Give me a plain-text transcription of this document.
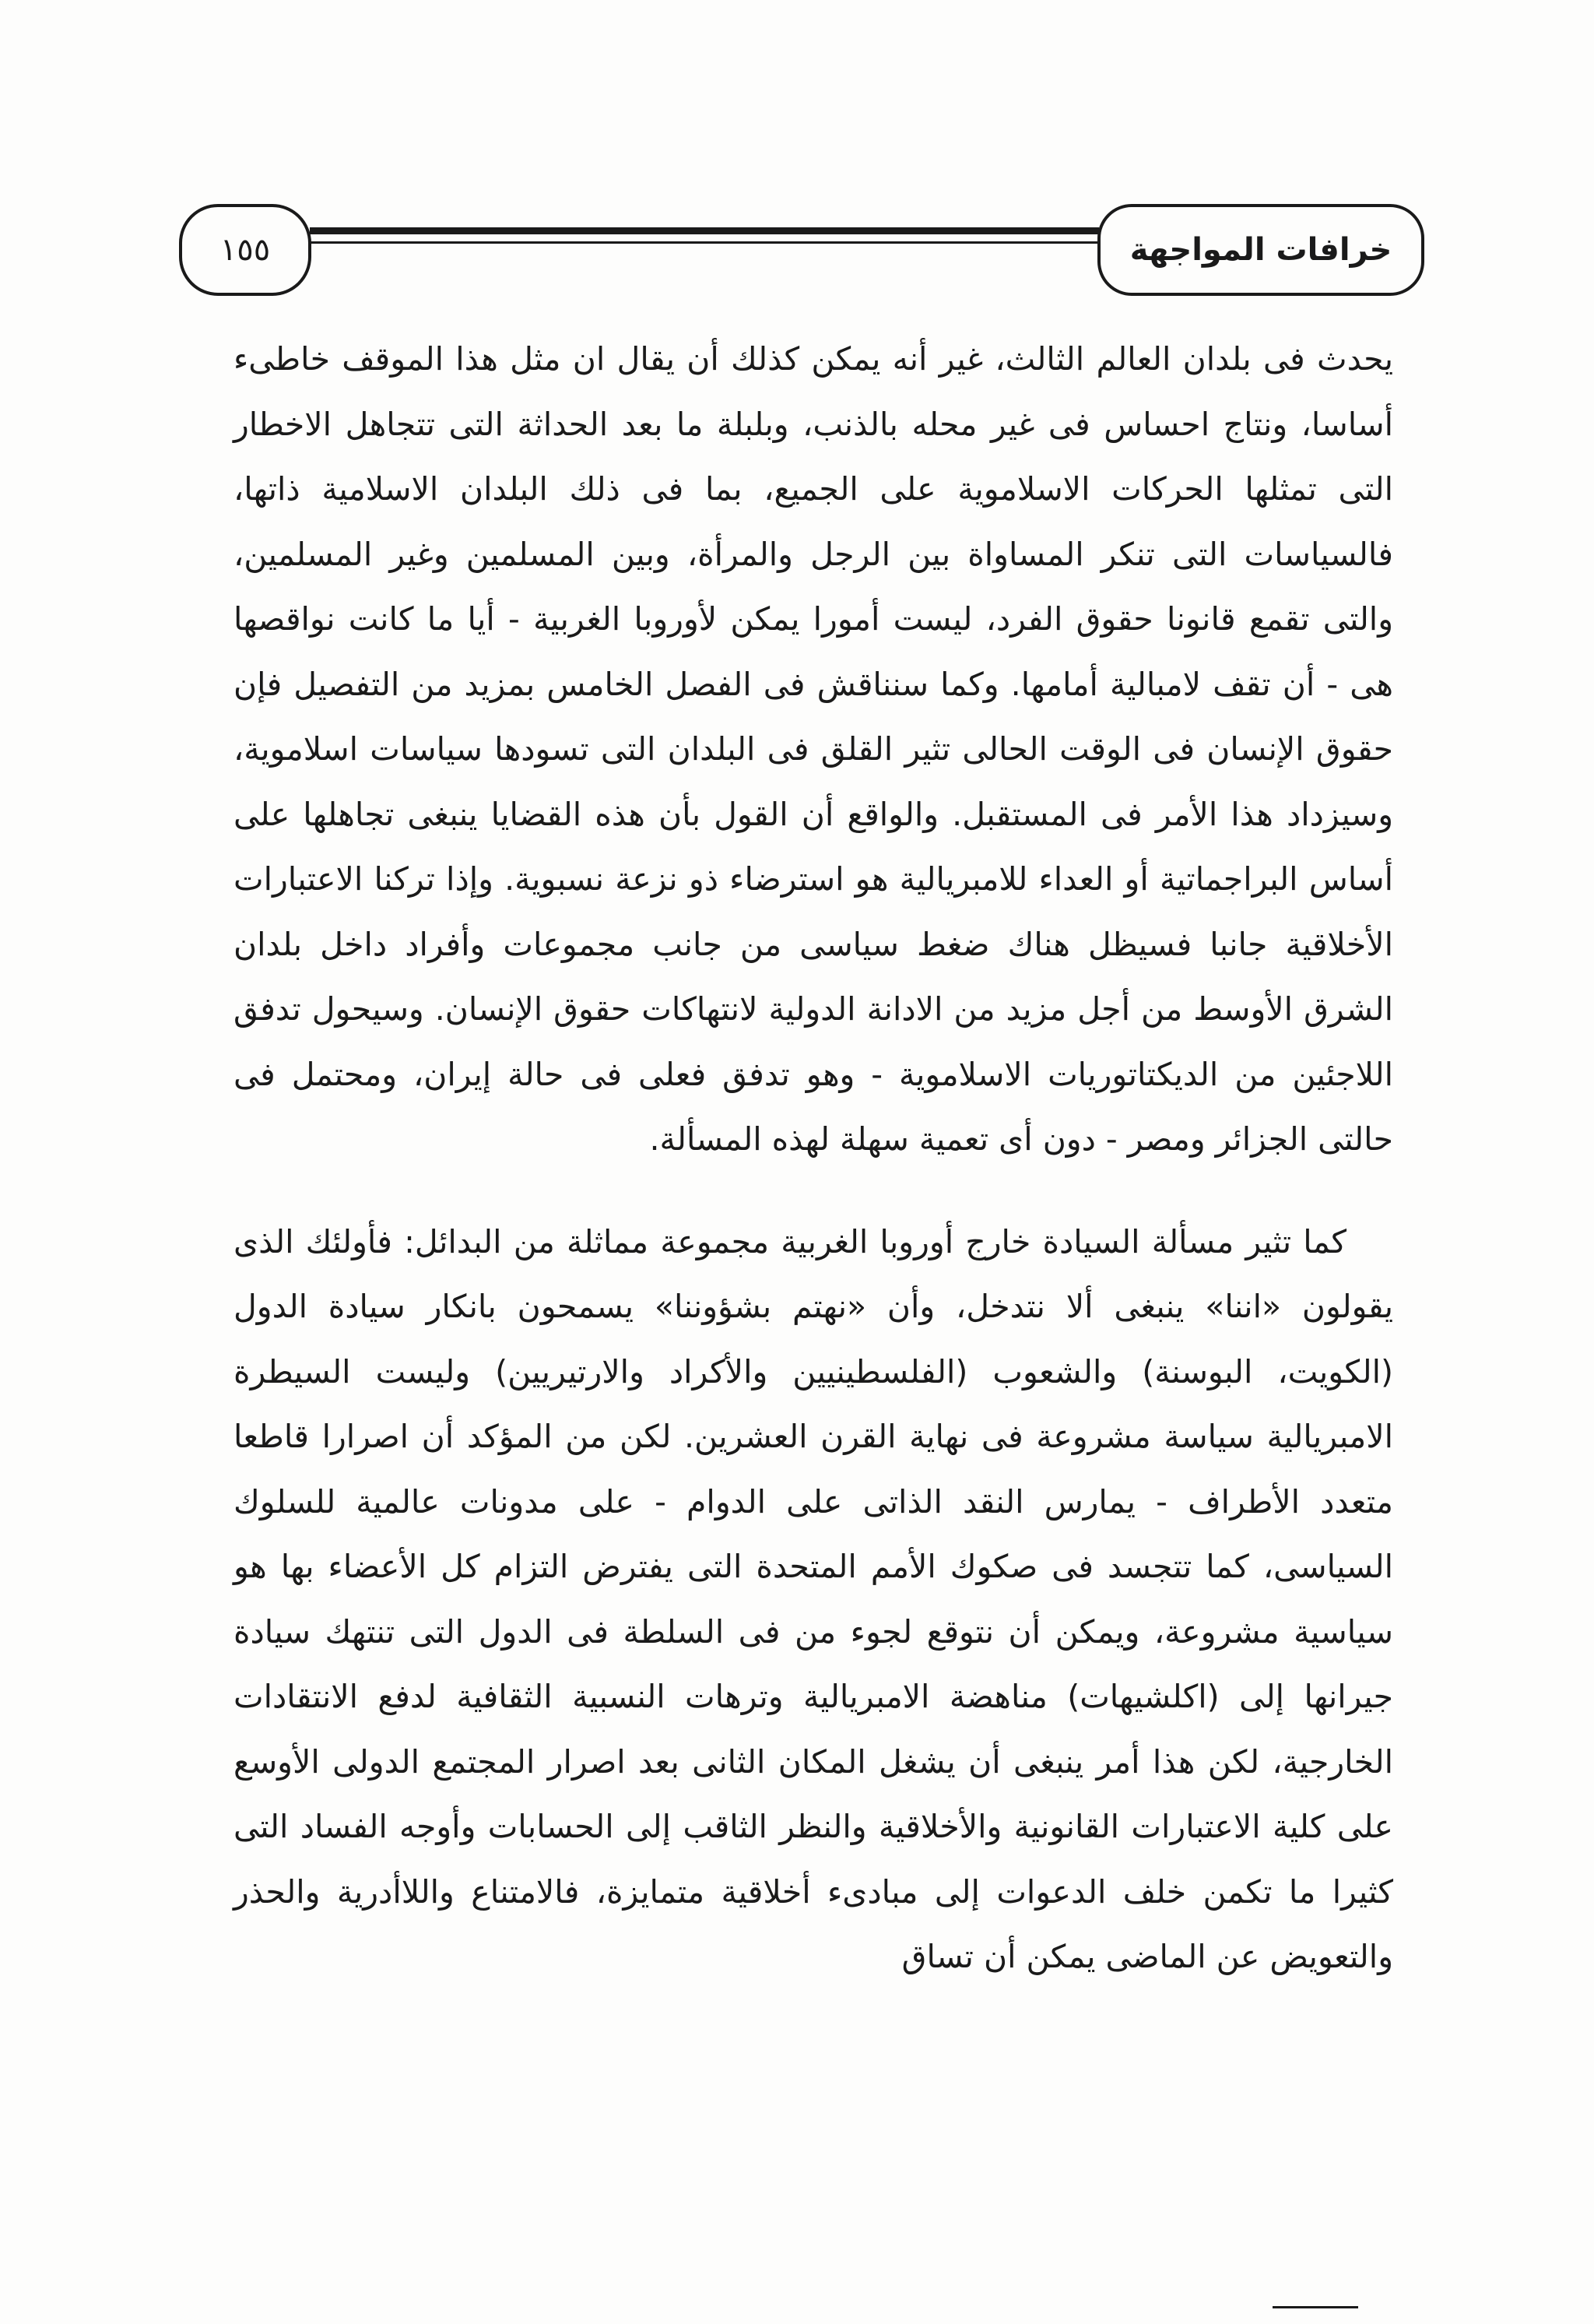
١٥٥	خرافات المواجهة

يحدث فى بلدان العالم الثالث، غير أنه يمكن كذلك أن يقال ان مثل هذا الموقف خاطىء أساسا، ونتاج احساس فى غير محله بالذنب، وبلبلة ما بعد الحداثة التى تتجاهل الاخطار التى تمثلها الحركات الاسلاموية على الجميع، بما فى ذلك البلدان الاسلامية ذاتها، فالسياسات التى تنكر المساواة بين الرجل والمرأة، وبين المسلمين وغير المسلمين، والتى تقمع قانونا حقوق الفرد، ليست أمورا يمكن لأوروبا الغربية - أيا ما كانت نواقصها هى - أن تقف لامبالية أمامها. وكما سنناقش فى الفصل الخامس بمزيد من التفصيل فإن حقوق الإنسان فى الوقت الحالى تثير القلق فى البلدان التى تسودها سياسات اسلاموية، وسيزداد هذا الأمر فى المستقبل. والواقع أن القول بأن هذه القضايا ينبغى تجاهلها على أساس البراجماتية أو العداء للامبريالية هو استرضاء ذو نزعة نسبوية. وإذا تركنا الاعتبارات الأخلاقية جانبا فسيظل هناك ضغط سياسى من جانب مجموعات وأفراد داخل بلدان الشرق الأوسط من أجل مزيد من الادانة الدولية لانتهاكات حقوق الإنسان. وسيحول تدفق اللاجئين من الديكتاتوريات الاسلاموية - وهو تدفق فعلى فى حالة إيران، ومحتمل فى حالتى الجزائر ومصر - دون أى تعمية سهلة لهذه المسألة.

كما تثير مسألة السيادة خارج أوروبا الغربية مجموعة مماثلة من البدائل: فأولئك الذى يقولون «اننا» ينبغى ألا نتدخل، وأن «نهتم بشؤوننا» يسمحون بانكار سيادة الدول (الكويت، البوسنة) والشعوب (الفلسطينيين والأكراد والارتيريين) وليست السيطرة الامبريالية سياسة مشروعة فى نهاية القرن العشرين. لكن من المؤكد أن اصرارا قاطعا متعدد الأطراف - يمارس النقد الذاتى على الدوام - على مدونات عالمية للسلوك السياسى، كما تتجسد فى صكوك الأمم المتحدة التى يفترض التزام كل الأعضاء بها هو سياسية مشروعة، ويمكن أن نتوقع لجوء من فى السلطة فى الدول التى تنتهك سيادة جيرانها إلى (اكلشيهات) مناهضة الامبريالية وترهات النسبية الثقافية لدفع الانتقادات الخارجية، لكن هذا أمر ينبغى أن يشغل المكان الثانى بعد اصرار المجتمع الدولى الأوسع على كلية الاعتبارات القانونية والأخلاقية والنظر الثاقب إلى الحسابات وأوجه الفساد التى كثيرا ما تكمن خلف الدعوات إلى مبادىء أخلاقية متمايزة، فالامتناع واللاأدرية والحذر والتعويض عن الماضى يمكن أن تساق
